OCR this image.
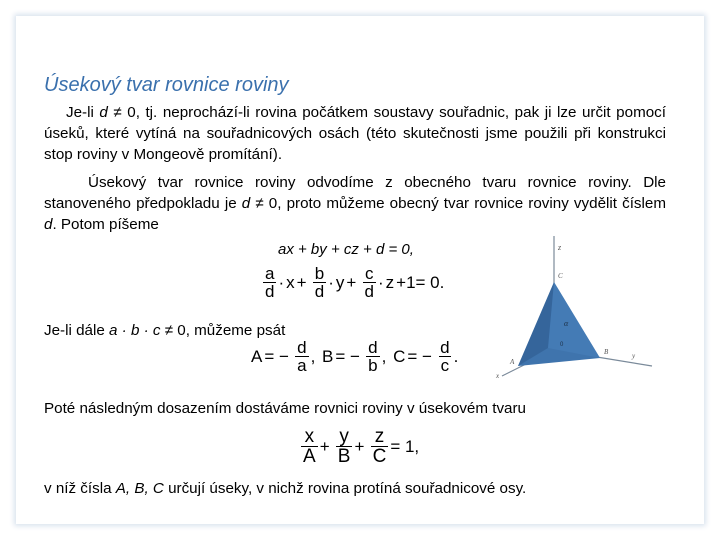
Úsekový tvar rovnice roviny
Je-li d ≠ 0, tj. neprochází-li rovina počátkem soustavy souřadnic, pak ji lze určit pomocí úseků, které vytíná na souřadnicových osách (této skutečnosti jsme použili při konstrukci stop roviny v Mongeově promítání).
Úsekový tvar rovnice roviny odvodíme z obecného tvaru rovnice roviny. Dle stanoveného předpokladu je d ≠ 0, proto můžeme obecný tvar rovnice roviny vydělit číslem d. Potom píšeme
ax + by + cz + d = 0,
$\frac{a}{d} \cdot x + \frac{b}{d} \cdot y + \frac{c}{d} \cdot z +1= 0$.
Je-li dále a · b · c ≠ 0, můžeme psát
A = − $\frac{d}{a}$ , B = − $\frac{d}{b}$ , C = − $\frac{d}{c}$ .
Poté následným dosazením dostáváme rovnici roviny v úsekovém tvaru
$\frac{x}{A} + \frac{y}{B} + \frac{z}{C} = 1$,
v níž čísla A, B, C určují úseky, v nichž rovina protíná souřadnicové osy.
z
C
α
0
B	y
A
x
